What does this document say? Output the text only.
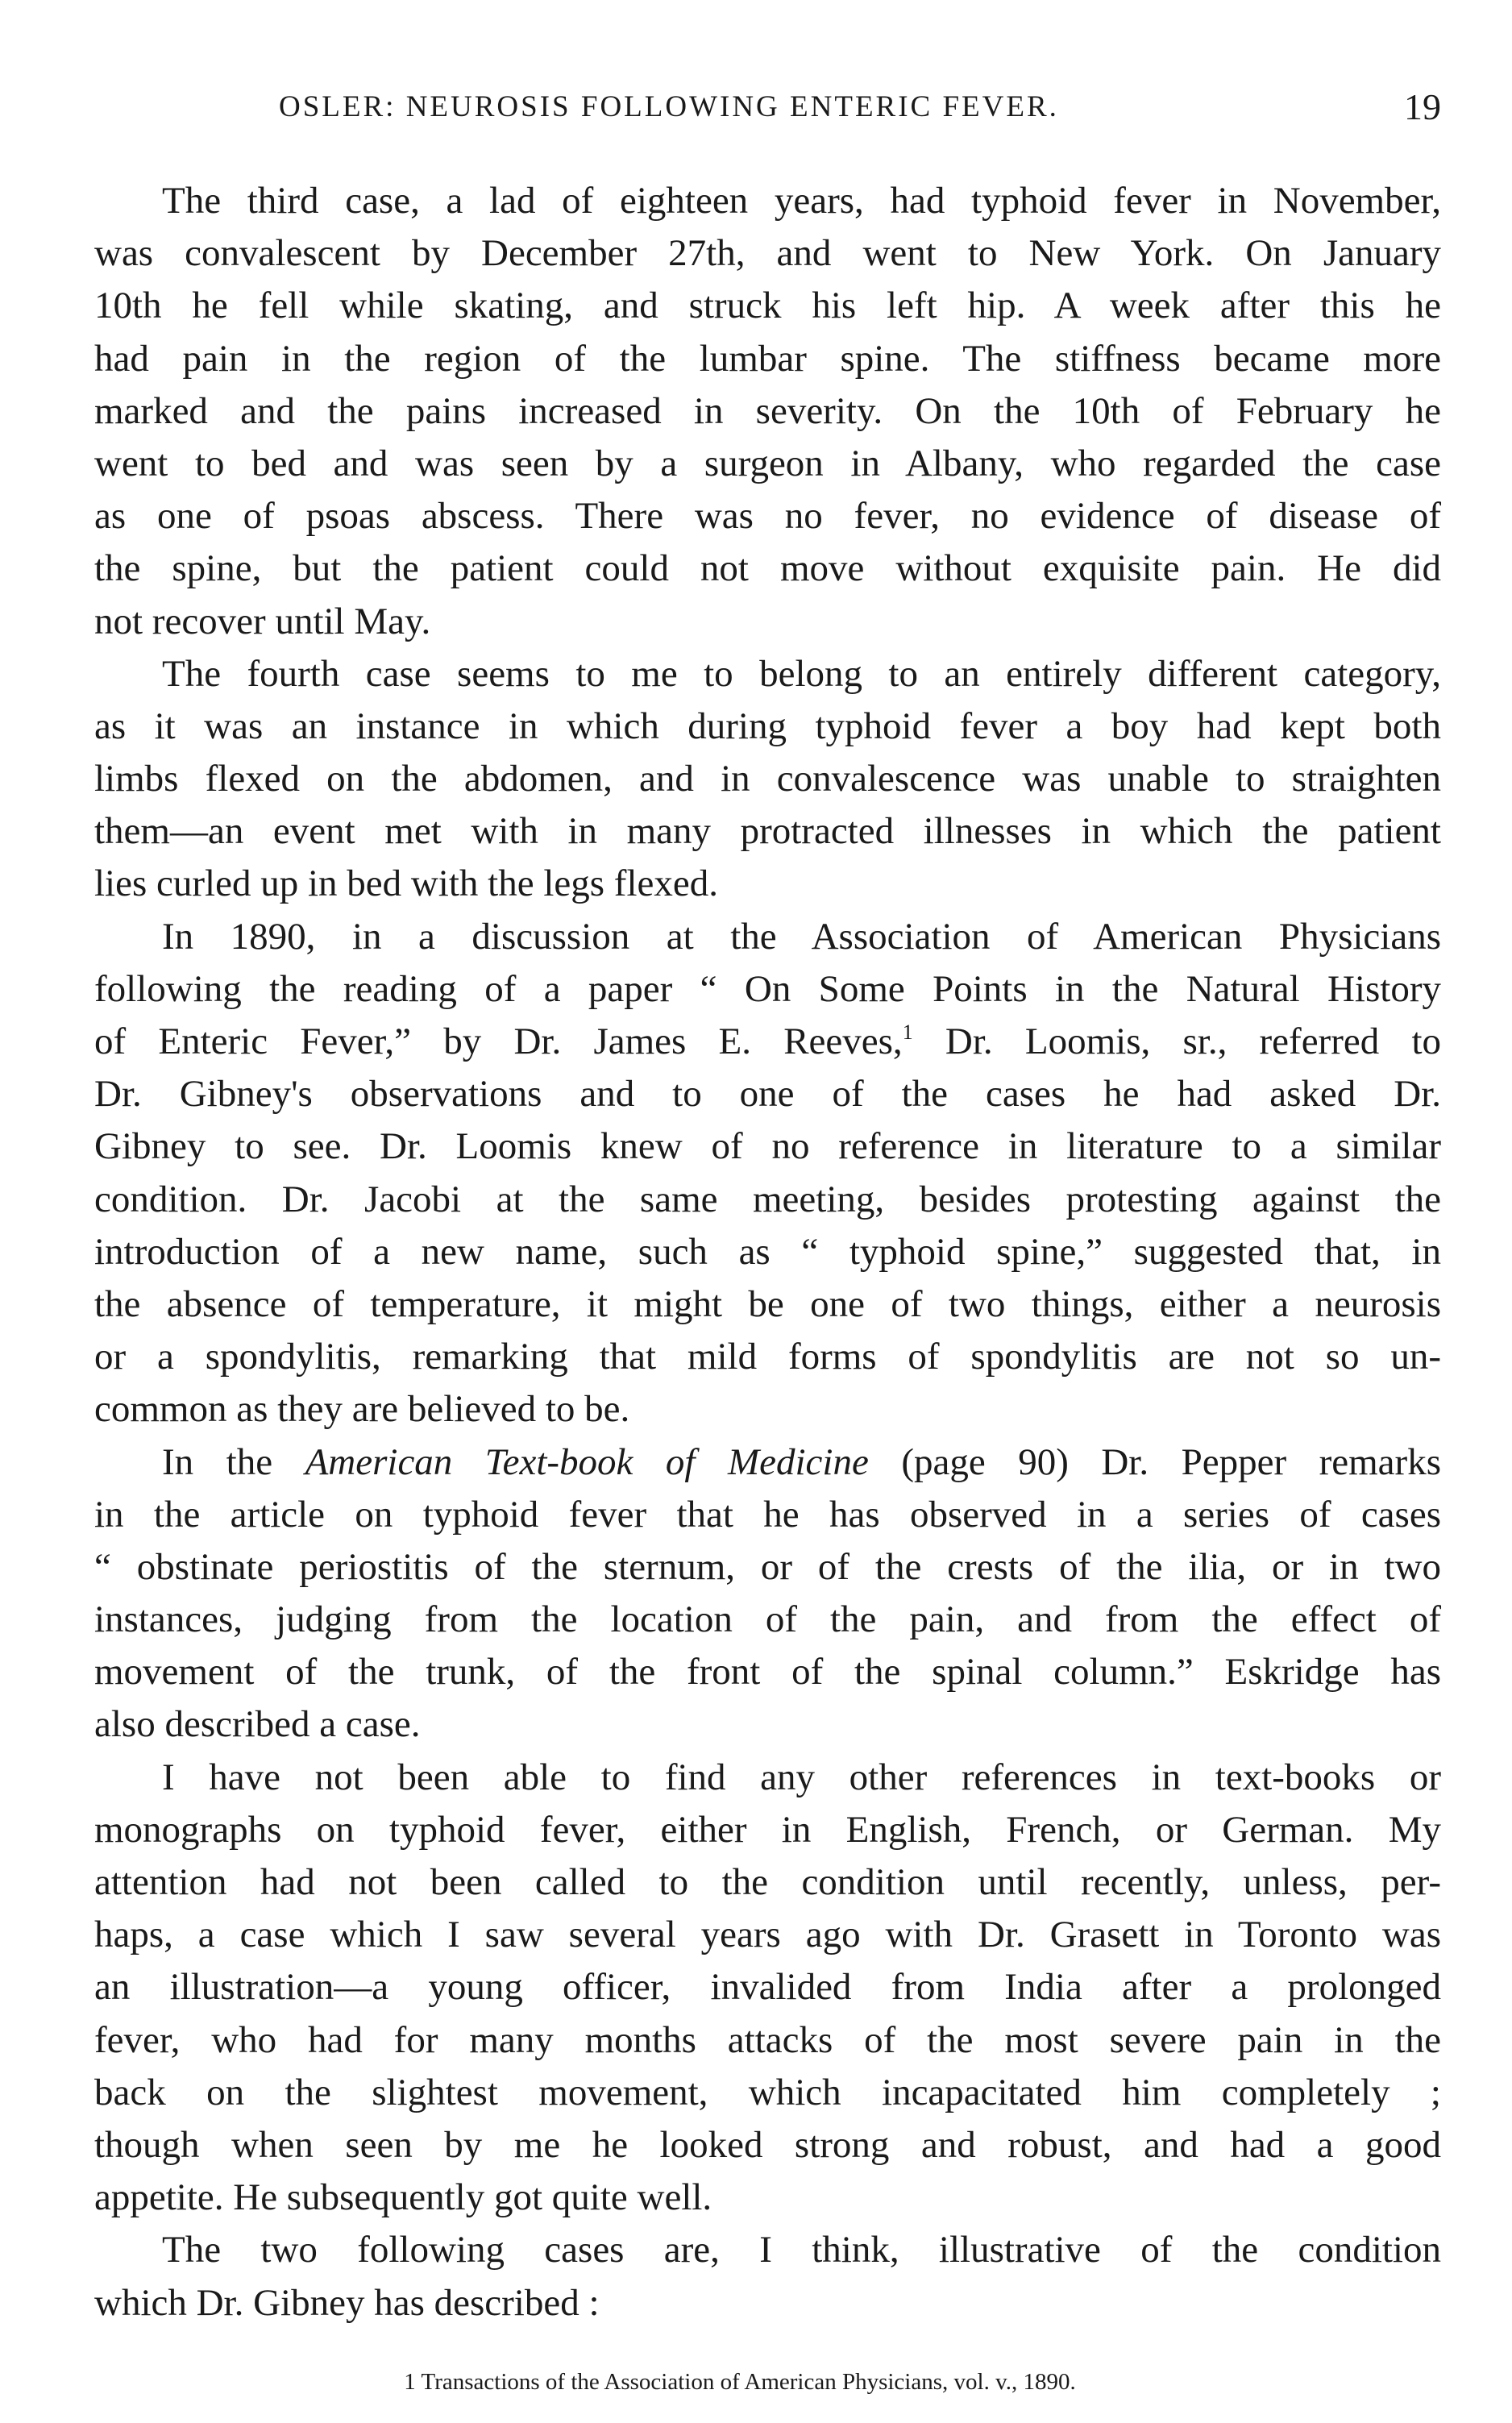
OSLER: NEUROSIS FOLLOWING ENTERIC FEVER.	19
The third case, a lad of eighteen years, had typhoid fever in November,
was convalescent by December 27th, and went to New York. On January
10th he fell while skating, and struck his left hip. A week after this he
had pain in the region of the lumbar spine. The stiffness became more
marked and the pains increased in severity. On the 10th of February he
went to bed and was seen by a surgeon in Albany, who regarded the case
as one of psoas abscess. There was no fever, no evidence of disease of
the spine, but the patient could not move without exquisite pain. He did
not recover until May.
The fourth case seems to me to belong to an entirely different category,
as it was an instance in which during typhoid fever a boy had kept both
limbs flexed on the abdomen, and in convalescence was unable to straighten
them—an event met with in many protracted illnesses in which the patient
lies curled up in bed with the legs flexed.
In 1890, in a discussion at the Association of American Physicians
following the reading of a paper “ On Some Points in the Natural History
of Enteric Fever,” by Dr. James E. Reeves,$^1$ Dr. Loomis, sr., referred to
Dr. Gibney's observations and to one of the cases he had asked Dr.
Gibney to see. Dr. Loomis knew of no reference in literature to a similar
condition. Dr. Jacobi at the same meeting, besides protesting against the
introduction of a new name, such as “ typhoid spine,” suggested that, in
the absence of temperature, it might be one of two things, either a neurosis
or a spondylitis, remarking that mild forms of spondylitis are not so un-
common as they are believed to be.
In the American Text-book of Medicine (page 90) Dr. Pepper remarks
in the article on typhoid fever that he has observed in a series of cases
“ obstinate periostitis of the sternum, or of the crests of the ilia, or in two
instances, judging from the location of the pain, and from the effect of
movement of the trunk, of the front of the spinal column.” Eskridge has
also described a case.
I have not been able to find any other references in text-books or
monographs on typhoid fever, either in English, French, or German. My
attention had not been called to the condition until recently, unless, per-
haps, a case which I saw several years ago with Dr. Grasett in Toronto was
an illustration—a young officer, invalided from India after a prolonged
fever, who had for many months attacks of the most severe pain in the
back on the slightest movement, which incapacitated him completely ;
though when seen by me he looked strong and robust, and had a good
appetite. He subsequently got quite well.
The two following cases are, I think, illustrative of the condition
which Dr. Gibney has described :
1 Transactions of the Association of American Physicians, vol. v., 1890.
